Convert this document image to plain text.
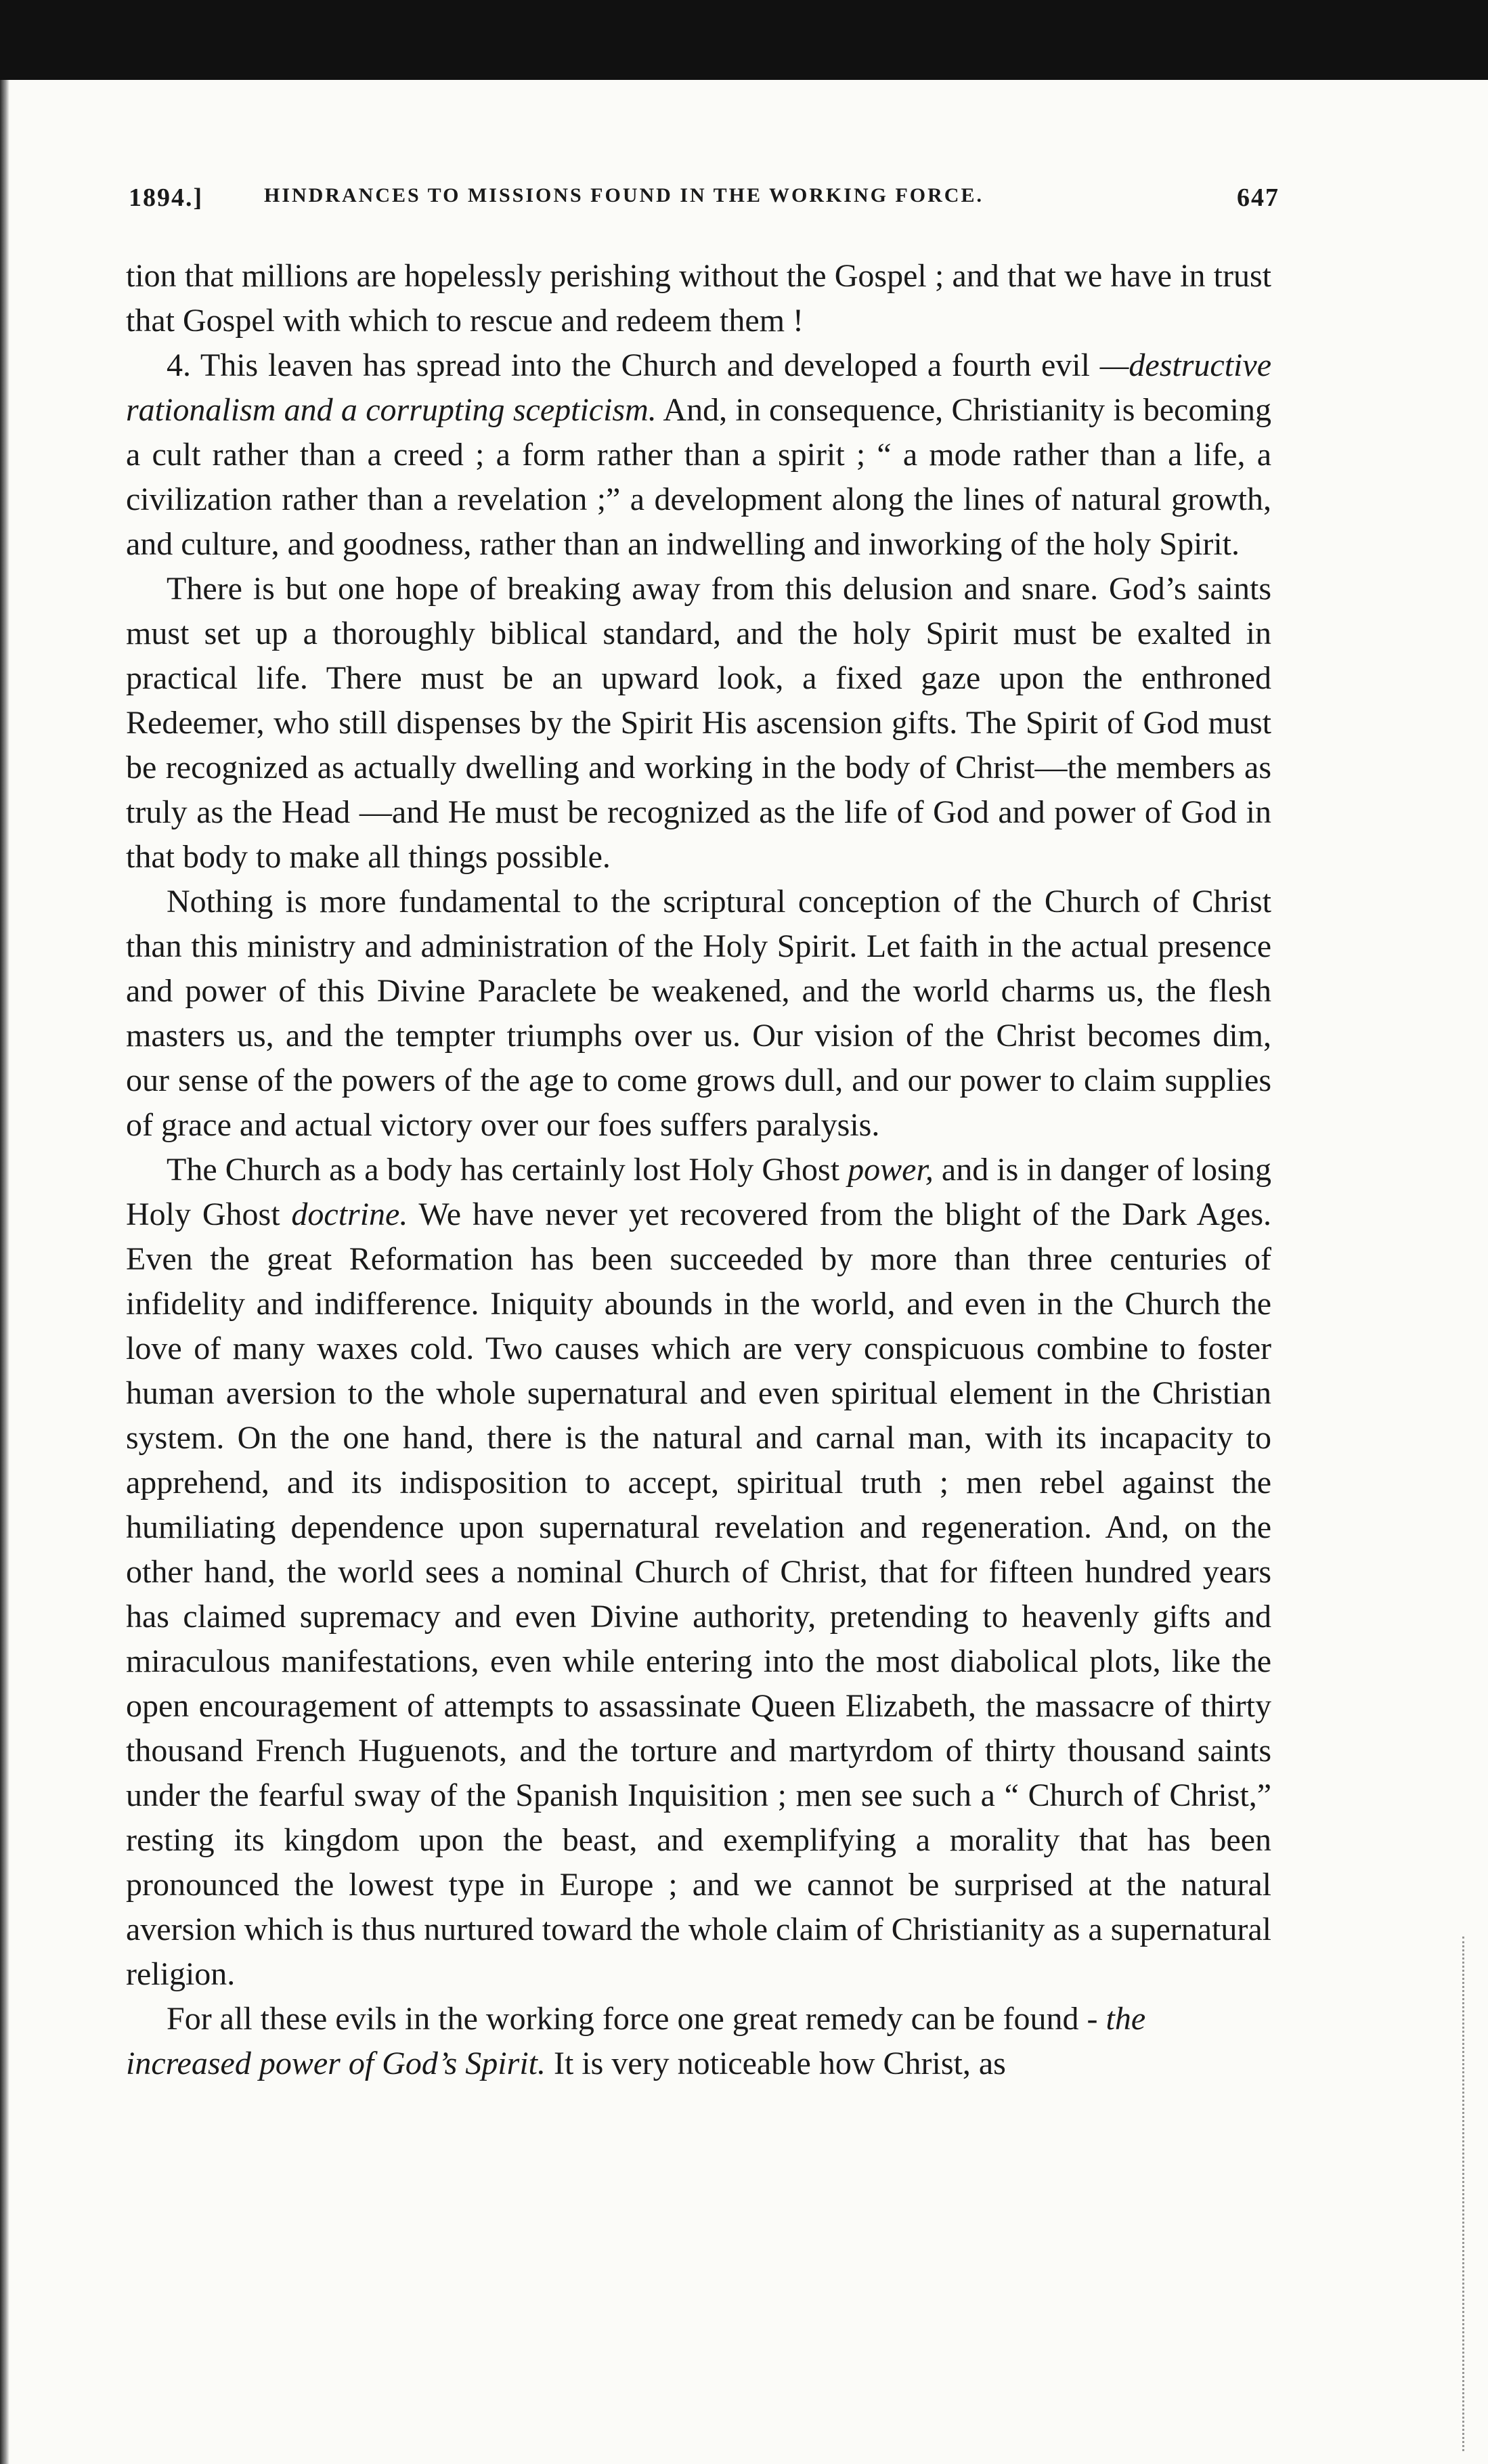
1894.]	HINDRANCES TO MISSIONS FOUND IN THE WORKING FORCE.	647

tion that millions are hopelessly perishing without the Gospel ; and that we have in trust that Gospel with which to rescue and redeem them !

4. This leaven has spread into the Church and developed a fourth evil —destructive rationalism and a corrupting scepticism. And, in consequence, Christianity is becoming a cult rather than a creed ; a form rather than a spirit ; “ a mode rather than a life, a civilization rather than a revelation ;” a development along the lines of natural growth, and culture, and goodness, rather than an indwelling and inworking of the holy Spirit.

There is but one hope of breaking away from this delusion and snare. God’s saints must set up a thoroughly biblical standard, and the holy Spirit must be exalted in practical life. There must be an upward look, a fixed gaze upon the enthroned Redeemer, who still dispenses by the Spirit His ascension gifts. The Spirit of God must be recognized as actually dwelling and working in the body of Christ—the members as truly as the Head —and He must be recognized as the life of God and power of God in that body to make all things possible.

Nothing is more fundamental to the scriptural conception of the Church of Christ than this ministry and administration of the Holy Spirit. Let faith in the actual presence and power of this Divine Paraclete be weakened, and the world charms us, the flesh masters us, and the tempter triumphs over us. Our vision of the Christ becomes dim, our sense of the powers of the age to come grows dull, and our power to claim supplies of grace and actual victory over our foes suffers paralysis.

The Church as a body has certainly lost Holy Ghost power, and is in danger of losing Holy Ghost doctrine. We have never yet recovered from the blight of the Dark Ages. Even the great Reformation has been succeeded by more than three centuries of infidelity and indifference. Iniquity abounds in the world, and even in the Church the love of many waxes cold. Two causes which are very conspicuous combine to foster human aversion to the whole supernatural and even spiritual element in the Christian system. On the one hand, there is the natural and carnal man, with its incapacity to apprehend, and its indisposition to accept, spiritual truth ; men rebel against the humiliating dependence upon supernatural revelation and regeneration. And, on the other hand, the world sees a nominal Church of Christ, that for fifteen hundred years has claimed supremacy and even Divine authority, pretending to heavenly gifts and miraculous manifestations, even while entering into the most diabolical plots, like the open encouragement of attempts to assassinate Queen Elizabeth, the massacre of thirty thousand French Huguenots, and the torture and martyrdom of thirty thousand saints under the fearful sway of the Spanish Inquisition ; men see such a “ Church of Christ,” resting its kingdom upon the beast, and exemplifying a morality that has been pronounced the lowest type in Europe ; and we cannot be surprised at the natural aversion which is thus nurtured toward the whole claim of Christianity as a supernatural religion.

For all these evils in the working force one great remedy can be found - the increased power of God’s Spirit. It is very noticeable how Christ, as
